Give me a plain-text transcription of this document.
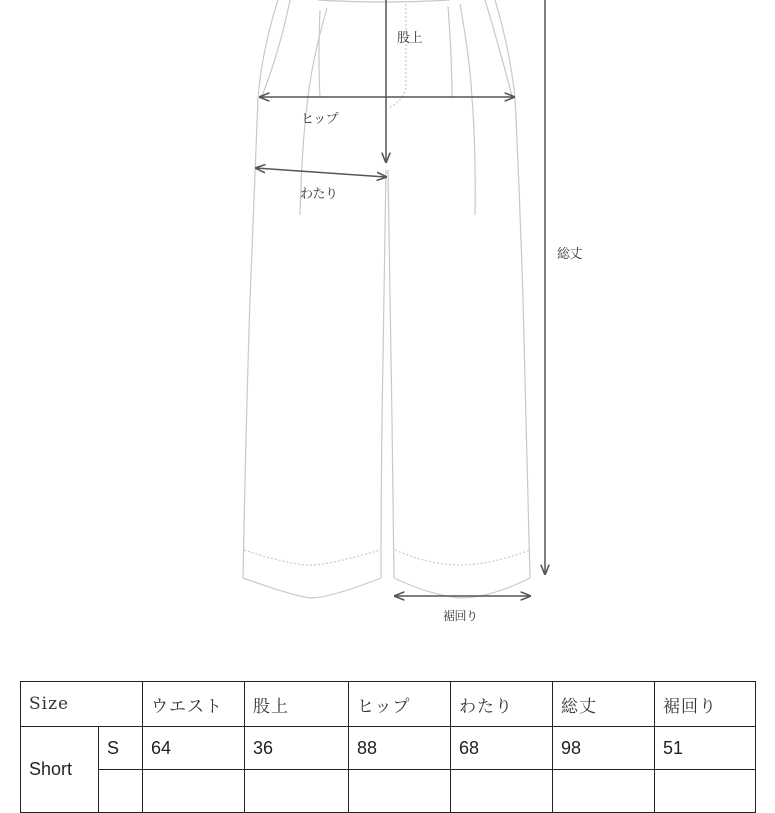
股上
ヒップ
わたり
総丈
裾回り
Size		ウエスト	股上	ヒップ	わたり	総丈	裾回り
Short	S	64	36	88	68	98	51
